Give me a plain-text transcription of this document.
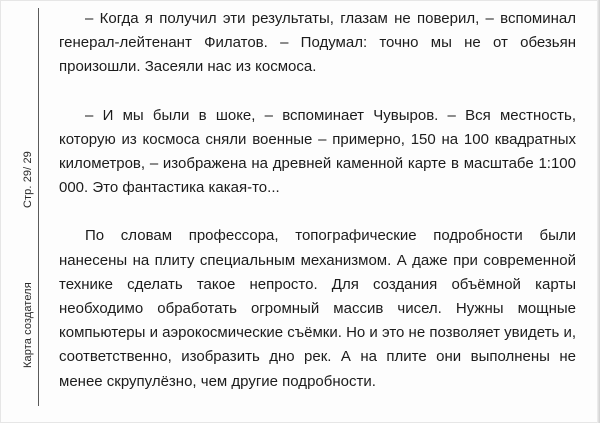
Стр. 29/ 29
Карта создателя

– Когда я получил эти результаты, глазам не поверил, – вспоминал генерал-лейтенант Филатов. – Подумал: точно мы не от обезьян произошли. Засеяли нас из космоса.

– И мы были в шоке, – вспоминает Чувыров. – Вся местность, которую из космоса сняли военные – примерно, 150 на 100 квадратных километров, – изображена на древней каменной карте в масштабе 1:100 000. Это фантастика какая-то...

По словам профессора, топографические подробности были нанесены на плиту специальным механизмом. А даже при современной технике сделать такое непросто. Для создания объёмной карты необходимо обработать огромный массив чисел. Нужны мощные компьютеры и аэрокосмические съёмки. Но и это не позволяет увидеть и, соответственно, изобразить дно рек. А на плите они выполнены не менее скрупулёзно, чем другие подробности.
